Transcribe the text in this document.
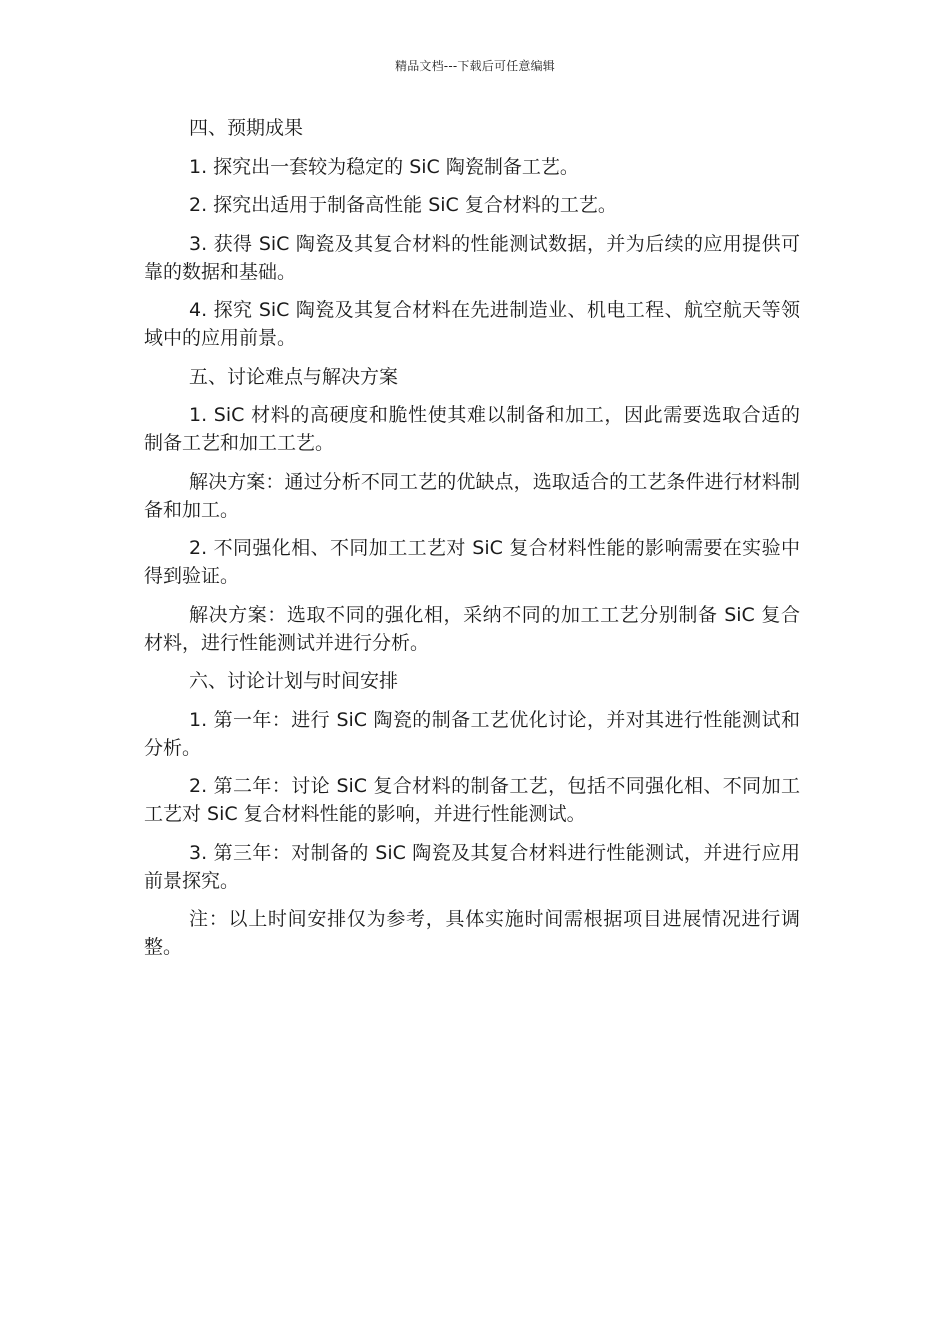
精品文档---下载后可任意编辑

四、预期成果

1. 探究出一套较为稳定的 SiC 陶瓷制备工艺。

2. 探究出适用于制备高性能 SiC 复合材料的工艺。

3. 获得 SiC 陶瓷及其复合材料的性能测试数据，并为后续的应用提供可靠的数据和基础。

4. 探究 SiC 陶瓷及其复合材料在先进制造业、机电工程、航空航天等领域中的应用前景。

五、讨论难点与解决方案

1. SiC 材料的高硬度和脆性使其难以制备和加工，因此需要选取合适的制备工艺和加工工艺。

解决方案：通过分析不同工艺的优缺点，选取适合的工艺条件进行材料制备和加工。

2. 不同强化相、不同加工工艺对 SiC 复合材料性能的影响需要在实验中得到验证。

解决方案：选取不同的强化相，采纳不同的加工工艺分别制备 SiC 复合材料，进行性能测试并进行分析。

六、讨论计划与时间安排

1. 第一年：进行 SiC 陶瓷的制备工艺优化讨论，并对其进行性能测试和分析。

2. 第二年：讨论 SiC 复合材料的制备工艺，包括不同强化相、不同加工工艺对 SiC 复合材料性能的影响，并进行性能测试。

3. 第三年：对制备的 SiC 陶瓷及其复合材料进行性能测试，并进行应用前景探究。

注：以上时间安排仅为参考，具体实施时间需根据项目进展情况进行调整。
